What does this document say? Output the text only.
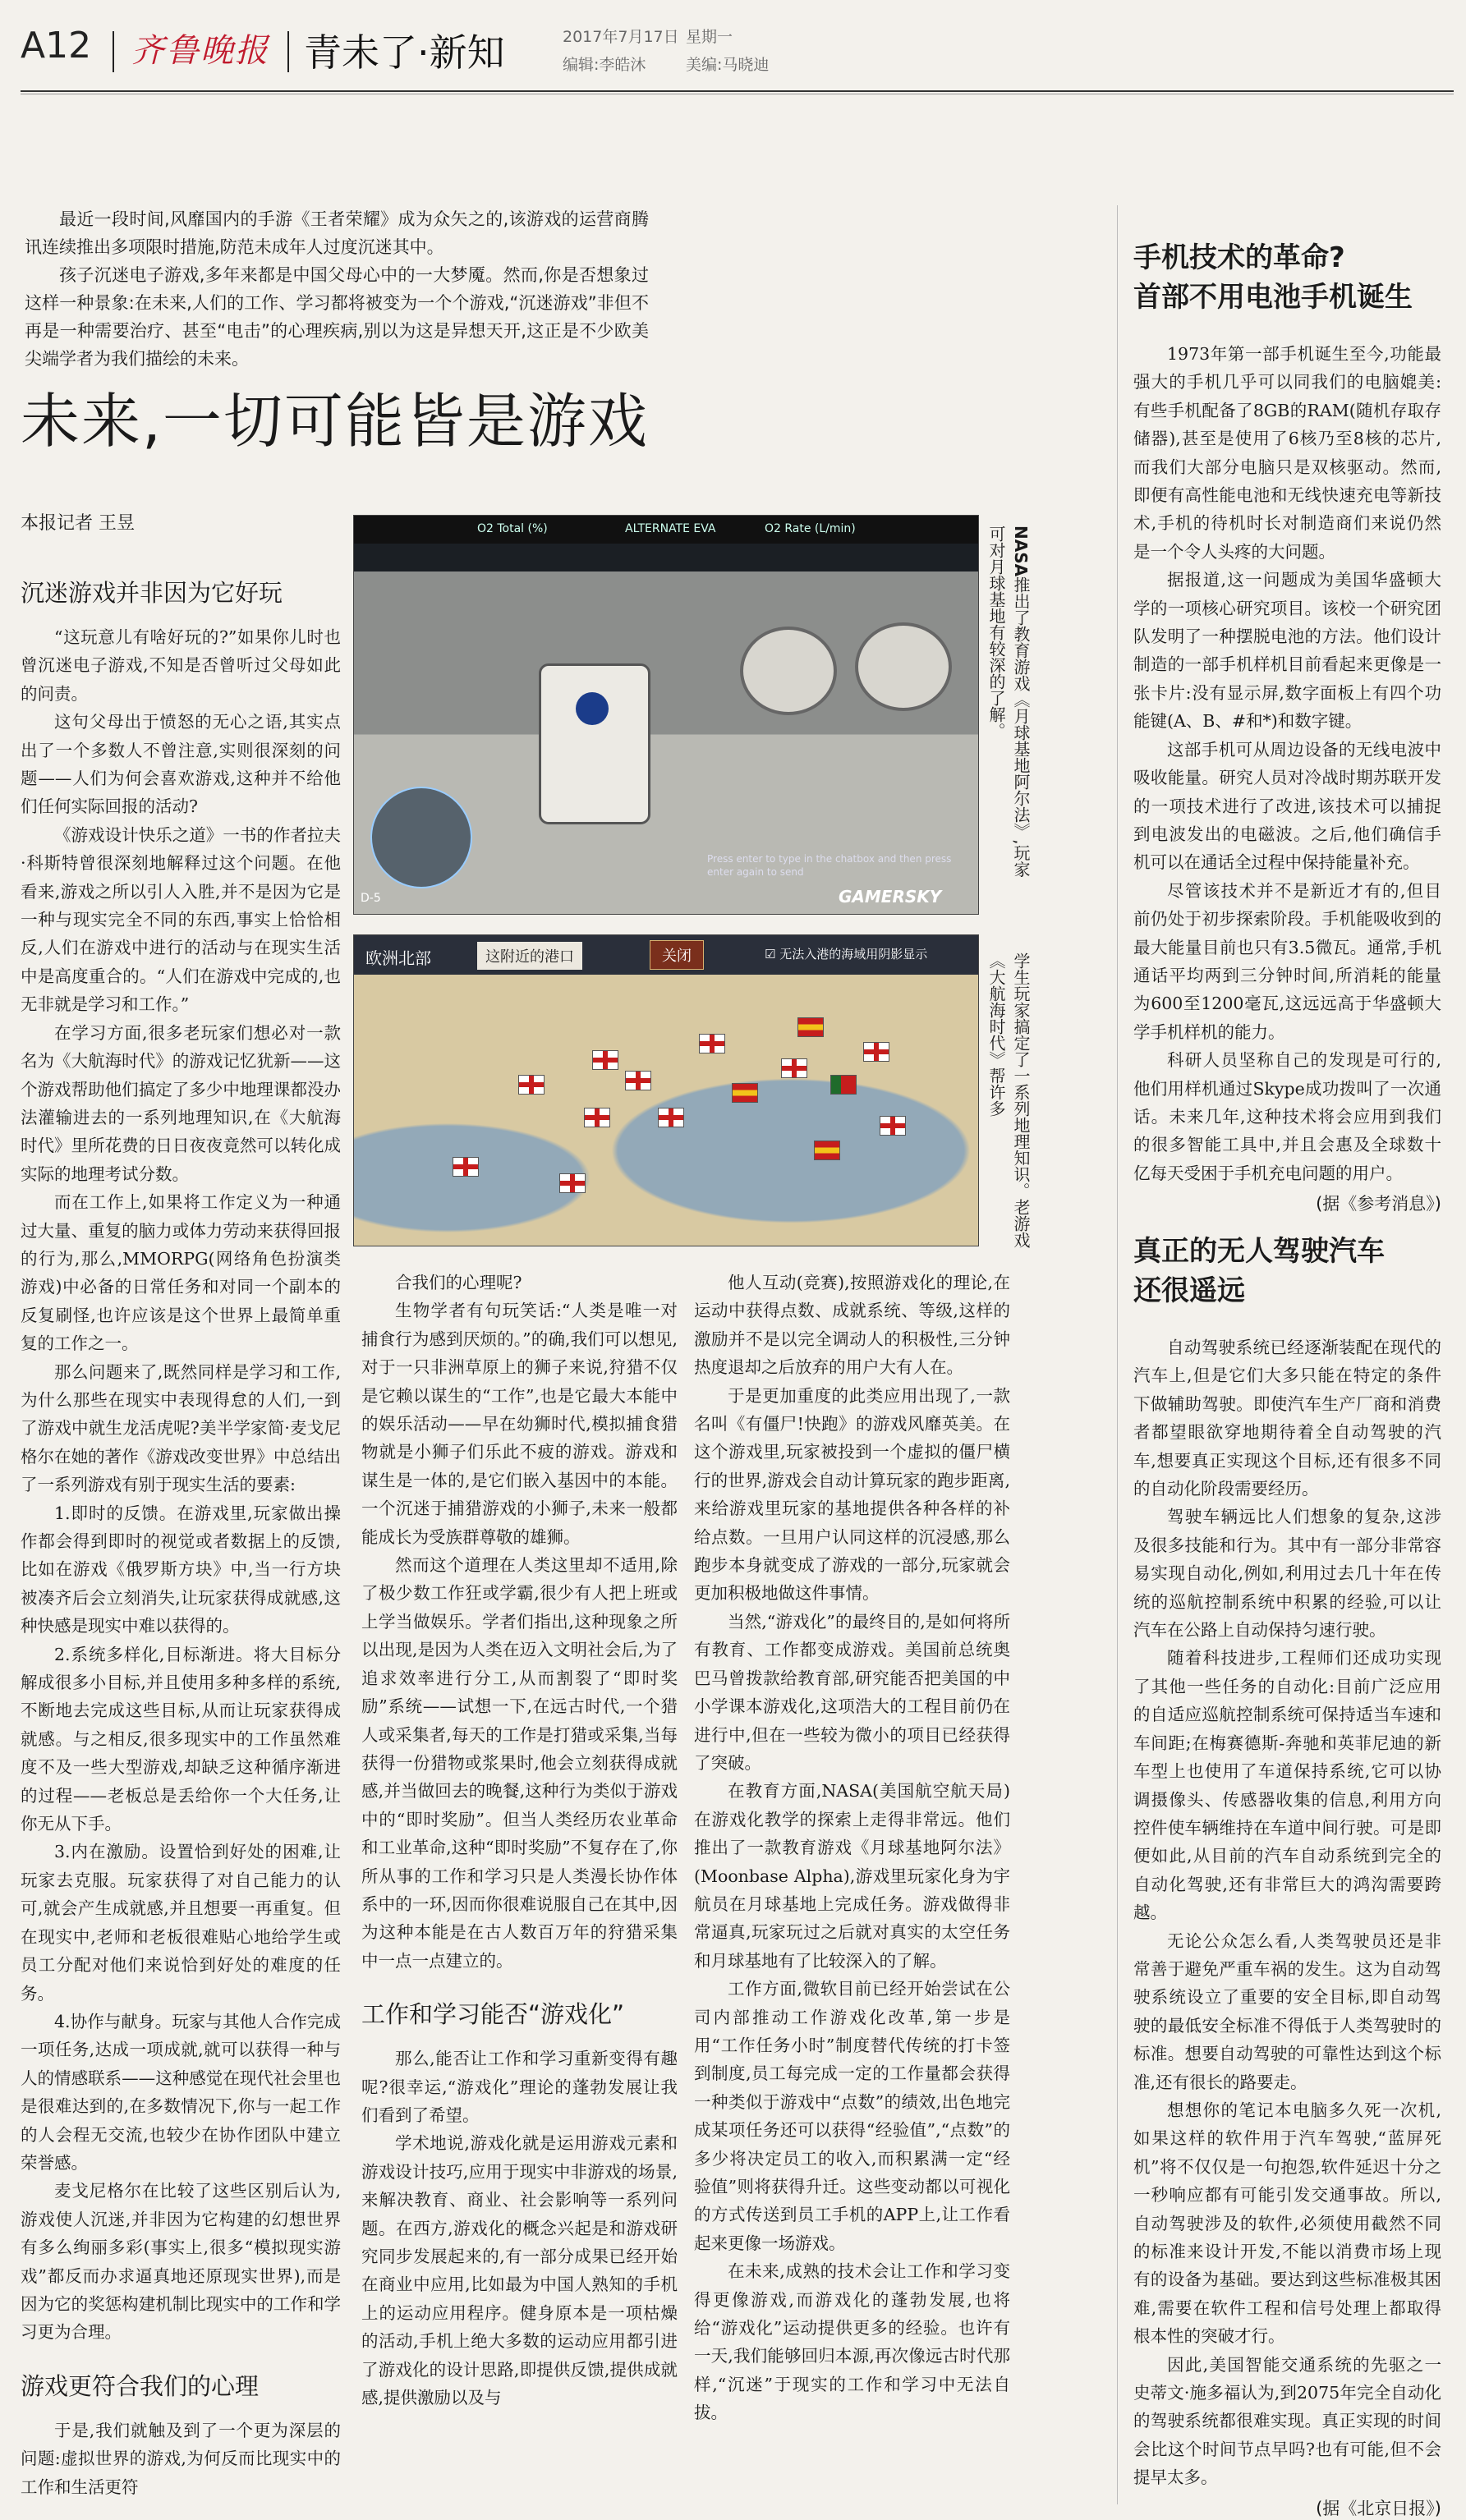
A12 齐鲁晚报 青未了·新知	2017年7月17日 星期一
编辑:李皓沐	美编:马晓迪

最近一段时间,风靡国内的手游《王者荣耀》成为众矢之的,该游戏的运营商腾讯连续推出多项限时措施,防范未成年人过度沉迷其中。

孩子沉迷电子游戏,多年来都是中国父母心中的一大梦魇。然而,你是否想象过这样一种景象:在未来,人们的工作、学习都将被变为一个个游戏,“沉迷游戏”非但不再是一种需要治疗、甚至“电击”的心理疾病,别以为这是异想天开,这正是不少欧美尖端学者为我们描绘的未来。

未来,一切可能皆是游戏
本报记者 王昱
沉迷游戏并非因为它好玩

“这玩意儿有啥好玩的?”如果你儿时也曾沉迷电子游戏,不知是否曾听过父母如此的问责。

这句父母出于愤怒的无心之语,其实点出了一个多数人不曾注意,实则很深刻的问题——人们为何会喜欢游戏,这种并不给他们任何实际回报的活动?

《游戏设计快乐之道》一书的作者拉夫·科斯特曾很深刻地解释过这个问题。在他看来,游戏之所以引人入胜,并不是因为它是一种与现实完全不同的东西,事实上恰恰相反,人们在游戏中进行的活动与在现实生活中是高度重合的。“人们在游戏中完成的,也无非就是学习和工作。”

在学习方面,很多老玩家们想必对一款名为《大航海时代》的游戏记忆犹新——这个游戏帮助他们搞定了多少中地理课都没办法灌输进去的一系列地理知识,在《大航海时代》里所花费的日日夜夜竟然可以转化成实际的地理考试分数。

而在工作上,如果将工作定义为一种通过大量、重复的脑力或体力劳动来获得回报的行为,那么,MMORPG(网络角色扮演类游戏)中必备的日常任务和对同一个副本的反复刷怪,也许应该是这个世界上最简单重复的工作之一。

那么问题来了,既然同样是学习和工作,为什么那些在现实中表现得怠的人们,一到了游戏中就生龙活虎呢?美半学家简·麦戈尼格尔在她的著作《游戏改变世界》中总结出了一系列游戏有别于现实生活的要素:

1.即时的反馈。在游戏里,玩家做出操作都会得到即时的视觉或者数据上的反馈,比如在游戏《俄罗斯方块》中,当一行方块被凑齐后会立刻消失,让玩家获得成就感,这种快感是现实中难以获得的。

2.系统多样化,目标渐进。将大目标分解成很多小目标,并且使用多种多样的系统,不断地去完成这些目标,从而让玩家获得成就感。与之相反,很多现实中的工作虽然难度不及一些大型游戏,却缺乏这种循序渐进的过程——老板总是丢给你一个大任务,让你无从下手。

3.内在激励。设置恰到好处的困难,让玩家去克服。玩家获得了对自己能力的认可,就会产生成就感,并且想要一再重复。但在现实中,老师和老板很难贴心地给学生或员工分配对他们来说恰到好处的难度的任务。

4.协作与献身。玩家与其他人合作完成一项任务,达成一项成就,就可以获得一种与人的情感联系——这种感觉在现代社会里也是很难达到的,在多数情况下,你与一起工作的人会程无交流,也较少在协作团队中建立荣誉感。

麦戈尼格尔在比较了这些区别后认为,游戏使人沉迷,并非因为它构建的幻想世界有多么绚丽多彩(事实上,很多“模拟现实游戏”都反而办求逼真地还原现实世界),而是因为它的奖惩构建机制比现实中的工作和学习更为合理。

游戏更符合我们的心理

于是,我们就触及到了一个更为深层的问题:虚拟世界的游戏,为何反而比现实中的工作和生活更符

O2 Total (%)	ALTERNATE EVA	O2 Rate (L/min)
Press enter to type in the chatbox and then press enter again to send
GAMERSKY
D-5
NASA推出了教育游戏《月球基地阿尔法》,玩家可对月球基地有较深的了解。
欧洲北部	这附近的港口	关闭	☑ 无法入港的海域用阴影显示	学生玩家搞定了一系列地理知识。老游戏《大航海时代》帮许多

合我们的心理呢?

生物学者有句玩笑话:“人类是唯一对捕食行为感到厌烦的。”的确,我们可以想见,对于一只非洲草原上的狮子来说,狩猎不仅是它赖以谋生的“工作”,也是它最大本能中的娱乐活动——早在幼狮时代,模拟捕食猎物就是小狮子们乐此不疲的游戏。游戏和谋生是一体的,是它们嵌入基因中的本能。一个沉迷于捕猎游戏的小狮子,未来一般都能成长为受族群尊敬的雄狮。

然而这个道理在人类这里却不适用,除了极少数工作狂或学霸,很少有人把上班或上学当做娱乐。学者们指出,这种现象之所以出现,是因为人类在迈入文明社会后,为了追求效率进行分工,从而割裂了“即时奖励”系统——试想一下,在远古时代,一个猎人或采集者,每天的工作是打猎或采集,当每获得一份猎物或浆果时,他会立刻获得成就感,并当做回去的晚餐,这种行为类似于游戏中的“即时奖励”。但当人类经历农业革命和工业革命,这种“即时奖励”不复存在了,你所从事的工作和学习只是人类漫长协作体系中的一环,因而你很难说服自己在其中,因为这种本能是在古人数百万年的狩猎采集中一点一点建立的。

工作和学习能否“游戏化”

那么,能否让工作和学习重新变得有趣呢?很幸运,“游戏化”理论的蓬勃发展让我们看到了希望。

学术地说,游戏化就是运用游戏元素和游戏设计技巧,应用于现实中非游戏的场景,来解决教育、商业、社会影响等一系列问题。在西方,游戏化的概念兴起是和游戏研究同步发展起来的,有一部分成果已经开始在商业中应用,比如最为中国人熟知的手机上的运动应用程序。健身原本是一项枯燥的活动,手机上绝大多数的运动应用都引进了游戏化的设计思路,即提供反馈,提供成就感,提供激励以及与

他人互动(竞赛),按照游戏化的理论,在运动中获得点数、成就系统、等级,这样的激励并不是以完全调动人的积极性,三分钟热度退却之后放弃的用户大有人在。

于是更加重度的此类应用出现了,一款名叫《有僵尸!快跑》的游戏风靡英美。在这个游戏里,玩家被投到一个虚拟的僵尸横行的世界,游戏会自动计算玩家的跑步距离,来给游戏里玩家的基地提供各种各样的补给点数。一旦用户认同这样的沉浸感,那么跑步本身就变成了游戏的一部分,玩家就会更加积极地做这件事情。

当然,“游戏化”的最终目的,是如何将所有教育、工作都变成游戏。美国前总统奥巴马曾拨款给教育部,研究能否把美国的中小学课本游戏化,这项浩大的工程目前仍在进行中,但在一些较为微小的项目已经获得了突破。

在教育方面,NASA(美国航空航天局)在游戏化教学的探索上走得非常远。他们推出了一款教育游戏《月球基地阿尔法》(Moonbase Alpha),游戏里玩家化身为宇航员在月球基地上完成任务。游戏做得非常逼真,玩家玩过之后就对真实的太空任务和月球基地有了比较深入的了解。

工作方面,微软目前已经开始尝试在公司内部推动工作游戏化改革,第一步是用“工作任务小时”制度替代传统的打卡签到制度,员工每完成一定的工作量都会获得一种类似于游戏中“点数”的绩效,出色地完成某项任务还可以获得“经验值”,“点数”的多少将决定员工的收入,而积累满一定“经验值”则将获得升迁。这些变动都以可视化的方式传送到员工手机的APP上,让工作看起来更像一场游戏。

在未来,成熟的技术会让工作和学习变得更像游戏,而游戏化的蓬勃发展,也将给“游戏化”运动提供更多的经验。也许有一天,我们能够回归本源,再次像远古时代那样,“沉迷”于现实的工作和学习中无法自拔。

手机技术的革命?
首部不用电池手机诞生

1973年第一部手机诞生至今,功能最强大的手机几乎可以同我们的电脑媲美:有些手机配备了8GB的RAM(随机存取存储器),甚至是使用了6核乃至8核的芯片,而我们大部分电脑只是双核驱动。然而,即便有高性能电池和无线快速充电等新技术,手机的待机时长对制造商们来说仍然是一个令人头疼的大问题。

据报道,这一问题成为美国华盛顿大学的一项核心研究项目。该校一个研究团队发明了一种摆脱电池的方法。他们设计制造的一部手机样机目前看起来更像是一张卡片:没有显示屏,数字面板上有四个功能键(A、B、#和*)和数字键。

这部手机可从周边设备的无线电波中吸收能量。研究人员对冷战时期苏联开发的一项技术进行了改进,该技术可以捕捉到电波发出的电磁波。之后,他们确信手机可以在通话全过程中保持能量补充。

尽管该技术并不是新近才有的,但目前仍处于初步探索阶段。手机能吸收到的最大能量目前也只有3.5微瓦。通常,手机通话平均两到三分钟时间,所消耗的能量为600至1200毫瓦,这远远高于华盛顿大学手机样机的能力。

科研人员坚称自己的发现是可行的,他们用样机通过Skype成功拨叫了一次通话。未来几年,这种技术将会应用到我们的很多智能工具中,并且会惠及全球数十亿每天受困于手机充电问题的用户。

(据《参考消息》)
真正的无人驾驶汽车
还很遥远

自动驾驶系统已经逐渐装配在现代的汽车上,但是它们大多只能在特定的条件下做辅助驾驶。即使汽车生产厂商和消费者都望眼欲穿地期待着全自动驾驶的汽车,想要真正实现这个目标,还有很多不同的自动化阶段需要经历。

驾驶车辆远比人们想象的复杂,这涉及很多技能和行为。其中有一部分非常容易实现自动化,例如,利用过去几十年在传统的巡航控制系统中积累的经验,可以让汽车在公路上自动保持匀速行驶。

随着科技进步,工程师们还成功实现了其他一些任务的自动化:目前广泛应用的自适应巡航控制系统可保持适当车速和车间距;在梅赛德斯-奔驰和英菲尼迪的新车型上也使用了车道保持系统,它可以协调摄像头、传感器收集的信息,利用方向控件使车辆维持在车道中间行驶。可是即便如此,从目前的汽车自动系统到完全的自动化驾驶,还有非常巨大的鸿沟需要跨越。

无论公众怎么看,人类驾驶员还是非常善于避免严重车祸的发生。这为自动驾驶系统设立了重要的安全目标,即自动驾驶的最低安全标准不得低于人类驾驶时的标准。想要自动驾驶的可靠性达到这个标准,还有很长的路要走。

想想你的笔记本电脑多久死一次机,如果这样的软件用于汽车驾驶,“蓝屏死机”将不仅仅是一句抱怨,软件延迟十分之一秒响应都有可能引发交通事故。所以,自动驾驶涉及的软件,必须使用截然不同的标准来设计开发,不能以消费市场上现有的设备为基础。要达到这些标准极其困难,需要在软件工程和信号处理上都取得根本性的突破才行。

因此,美国智能交通系统的先驱之一史蒂文·施多福认为,到2075年完全自动化的驾驶系统都很难实现。真正实现的时间会比这个时间节点早吗?也有可能,但不会提早太多。

(据《北京日报》)
